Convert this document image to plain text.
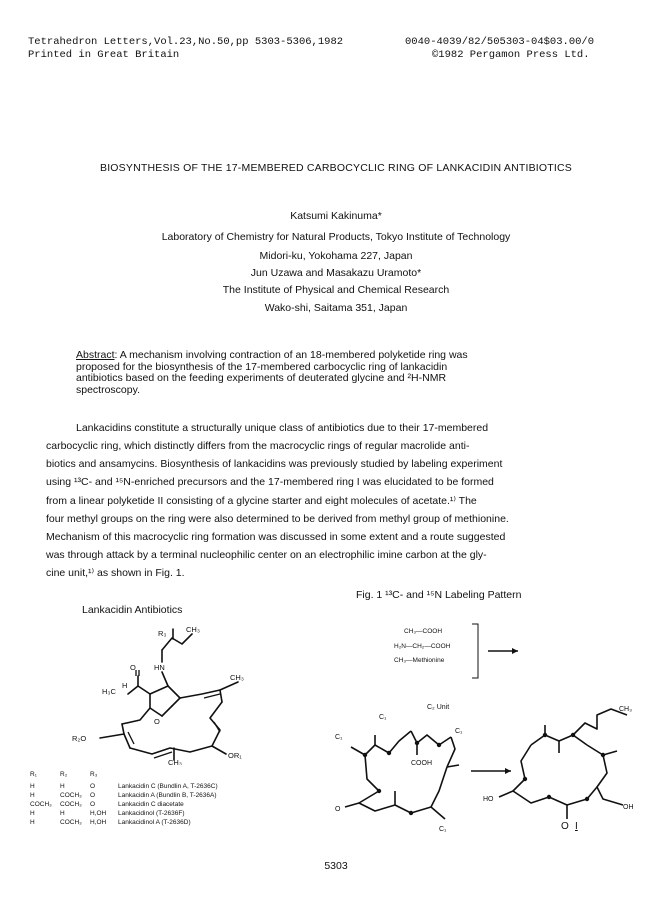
Tetrahedron Letters,Vol.23,No.50,pp 5303-5306,1982
Printed in Great Britain
0040-4039/82/505303-04$03.00/0
©1982 Pergamon Press Ltd.
BIOSYNTHESIS OF THE 17-MEMBERED CARBOCYCLIC RING OF LANKACIDIN ANTIBIOTICS
Katsumi Kakinuma*
Laboratory of Chemistry for Natural Products, Tokyo Institute of Technology
Midori-ku, Yokohama 227, Japan
Jun Uzawa and Masakazu Uramoto*
The Institute of Physical and Chemical Research
Wako-shi, Saitama 351, Japan
Abstract: A mechanism involving contraction of an 18-membered polyketide ring was
proposed for the biosynthesis of the 17-membered carbocyclic ring of lankacidin
antibiotics based on the feeding experiments of deuterated glycine and ²H-NMR
spectroscopy.
Lankacidins constitute a structurally unique class of antibiotics due to their 17-membered
carbocyclic ring, which distinctly differs from the macrocyclic rings of regular macrolide anti-
biotics and ansamycins. Biosynthesis of lankacidins was previously studied by labeling experiment
using ¹³C- and ¹⁵N-enriched precursors and the 17-membered ring I was elucidated to be formed
from a linear polyketide II consisting of a glycine starter and eight molecules of acetate.¹⁾ The
four methyl groups on the ring were also determined to be derived from methyl group of methionine.
Mechanism of this macrocyclic ring formation was discussed in some extent and a route suggested
was through attack by a terminal nucleophilic center on an electrophilic imine carbon at the gly-
cine unit,¹⁾ as shown in Fig. 1.
Lankacidin Antibiotics
Fig. 1 ¹³C- and ¹⁵N Labeling Pattern
R₃	CH₃
HN
O
H₃C
H
CH₃
R₂O
OR₁
CH₃
O
R₁	R₂	R₃
H	H	O	Lankacidin C (Bundlin A, T-2636C)
H	COCH₃ O	Lankacidin A (Bundlin B, T-2636A)
COCH₃ COCH₃ O	Lankacidin C diacetate
H	H	H,OH Lankacidinol (T-2636F)
H	COCH₃ H,OH Lankacidinol A (T-2636D)
CH₃—COOH
H₂N—CH₂—COOH
CH₃—Methionine
C₂ Unit
C₁
C₁
C₁
C₁
COOH
O
HO
OH
CH₃
O I
5303
